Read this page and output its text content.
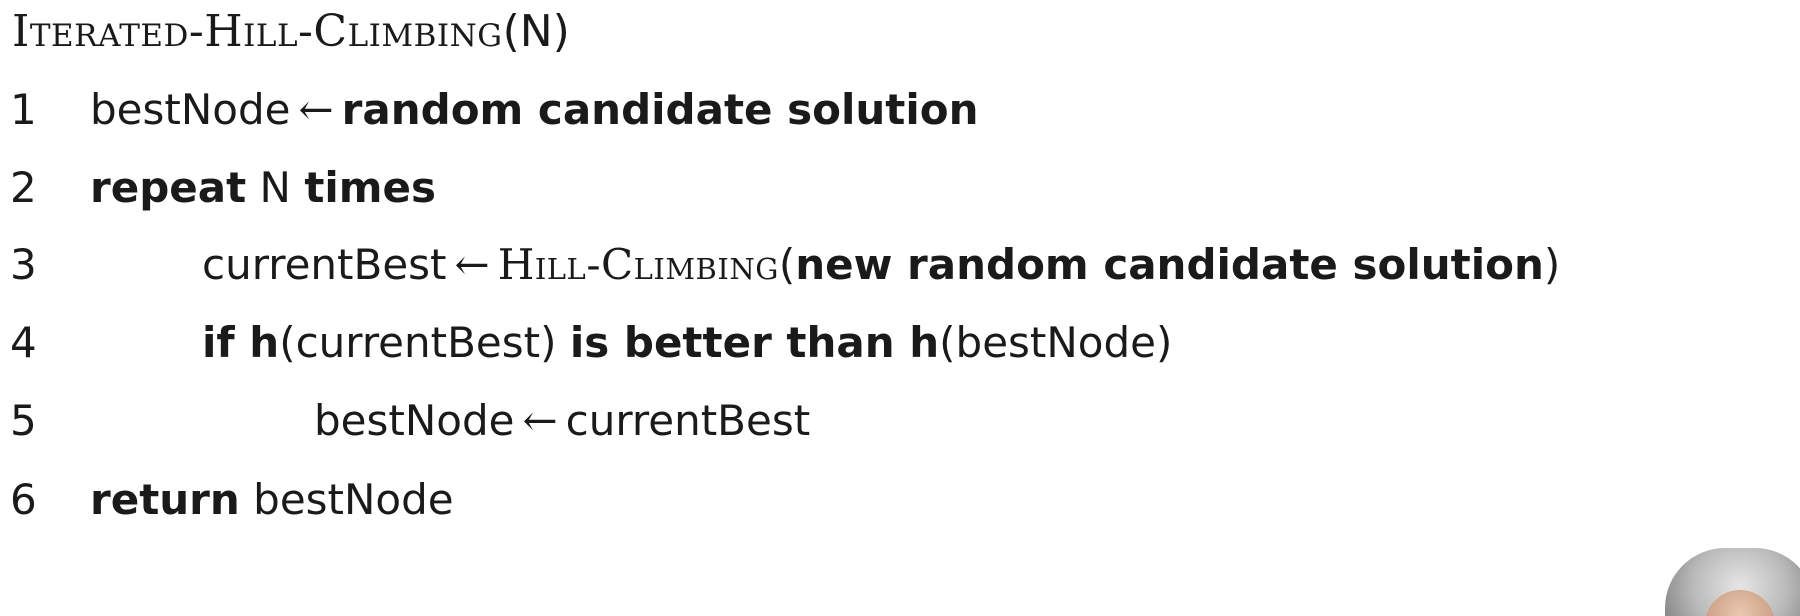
Iterated-Hill-Climbing(N)
1	bestNode ← random candidate solution
2	repeat N times
3	currentBest ← Hill-Climbing(new random candidate solution)
4	if h(currentBest) is better than h(bestNode)
5	bestNode ← currentBest
6	return bestNode
